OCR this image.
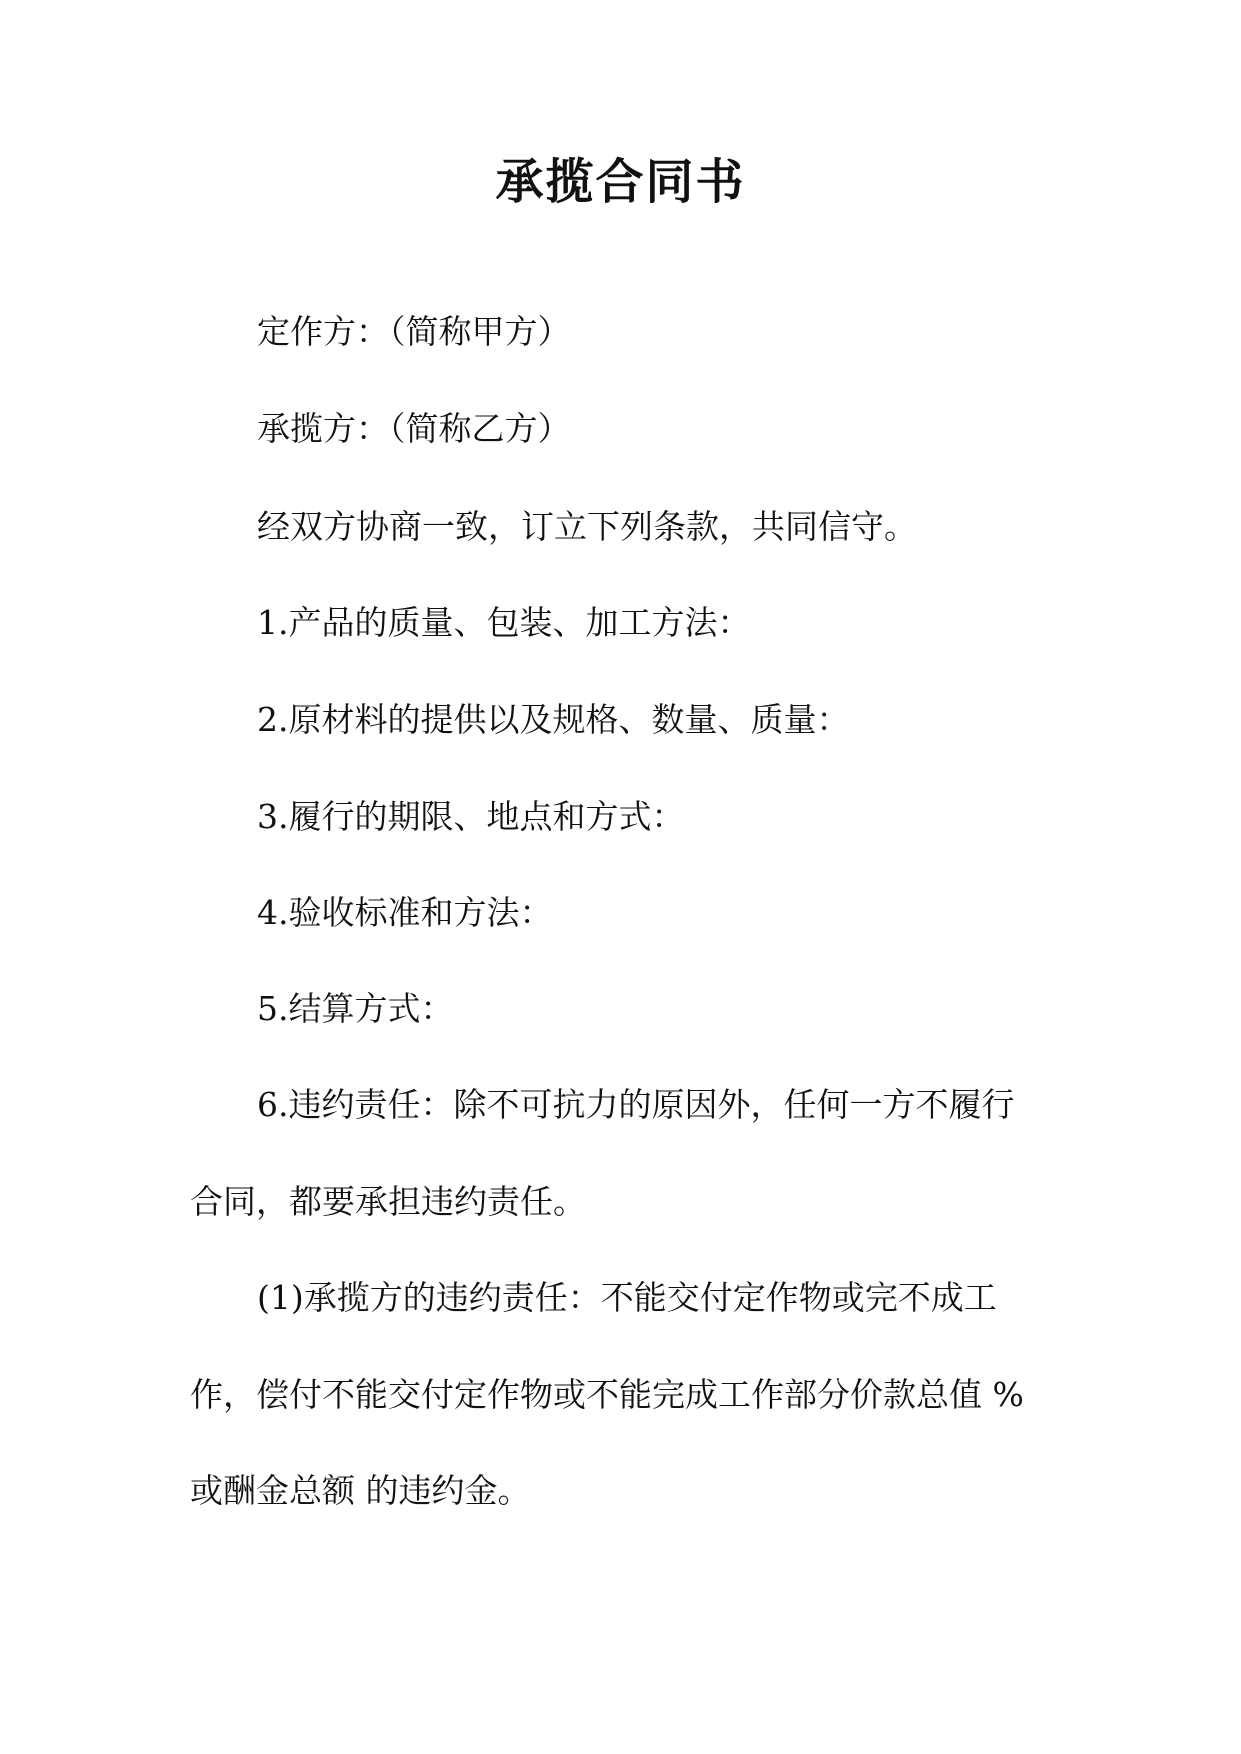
承揽合同书
定作方：（简称甲方）
承揽方：（简称乙方）
经双方协商一致，订立下列条款，共同信守。
1.产品的质量、包装、加工方法：
2.原材料的提供以及规格、数量、质量：
3.履行的期限、地点和方式：
4.验收标准和方法：
5.结算方式：
6.违约责任：除不可抗力的原因外，任何一方不履行
合同，都要承担违约责任。
(1)承揽方的违约责任：不能交付定作物或完不成工
作，偿付不能交付定作物或不能完成工作部分价款总值 %
或酬金总额 的违约金。
